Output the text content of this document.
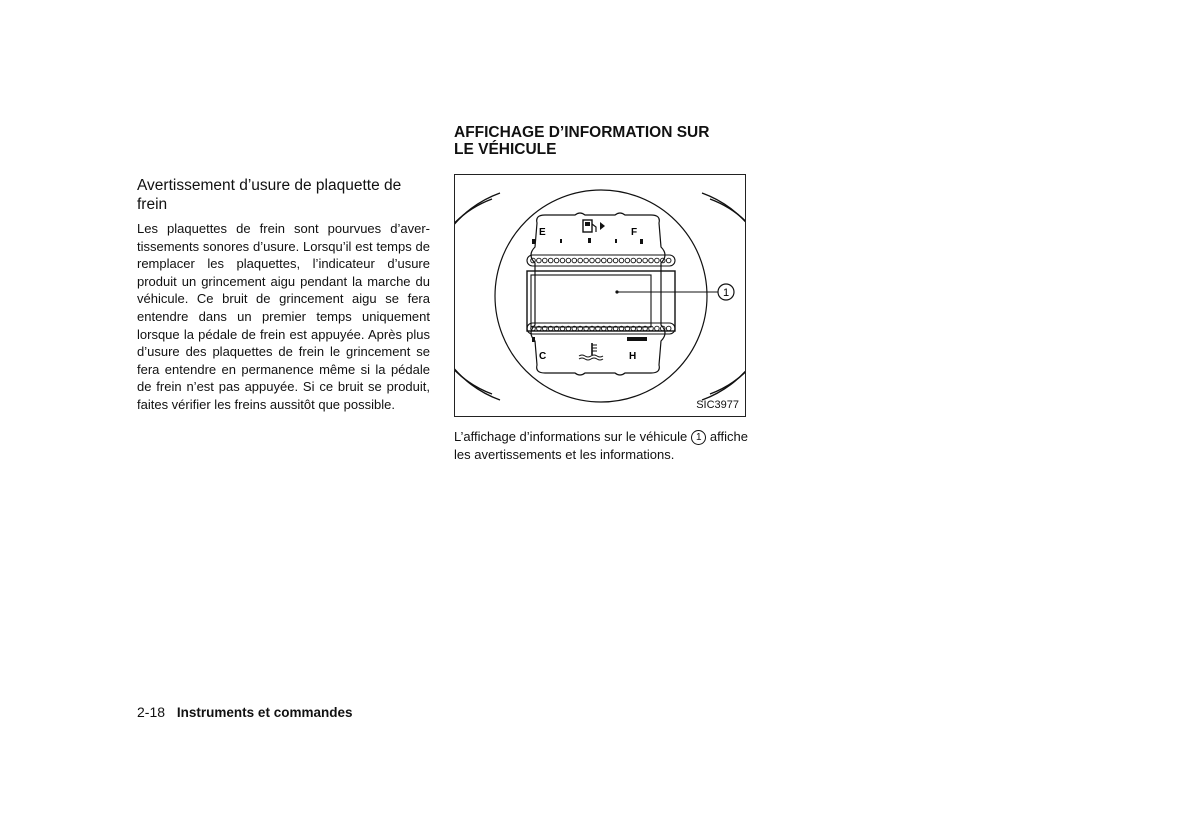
Avertissement d’usure de plaquette de frein

Les plaquettes de frein sont pourvues d’avertissements sonores d’usure. Lorsqu’il est temps de remplacer les plaquettes, l’indicateur d’usure produit un grincement aigu pendant la marche du véhicule. Ce bruit de grincement aigu se fera entendre dans un premier temps uniquement lorsque la pédale de frein est appuyée. Après plus d’usure des plaquettes de frein le grincement se fera entendre en permanence même si la pédale de frein n’est pas appuyée. Si ce bruit se produit, faites vérifier les freins aussitôt que possible.

AFFICHAGE D’INFORMATION SUR
LE VÉHICULE
E	F
C	H
1
SIC3977

L’affichage d’informations sur le véhicule 1 affiche les avertissements et les informations.

2-18 Instruments et commandes
